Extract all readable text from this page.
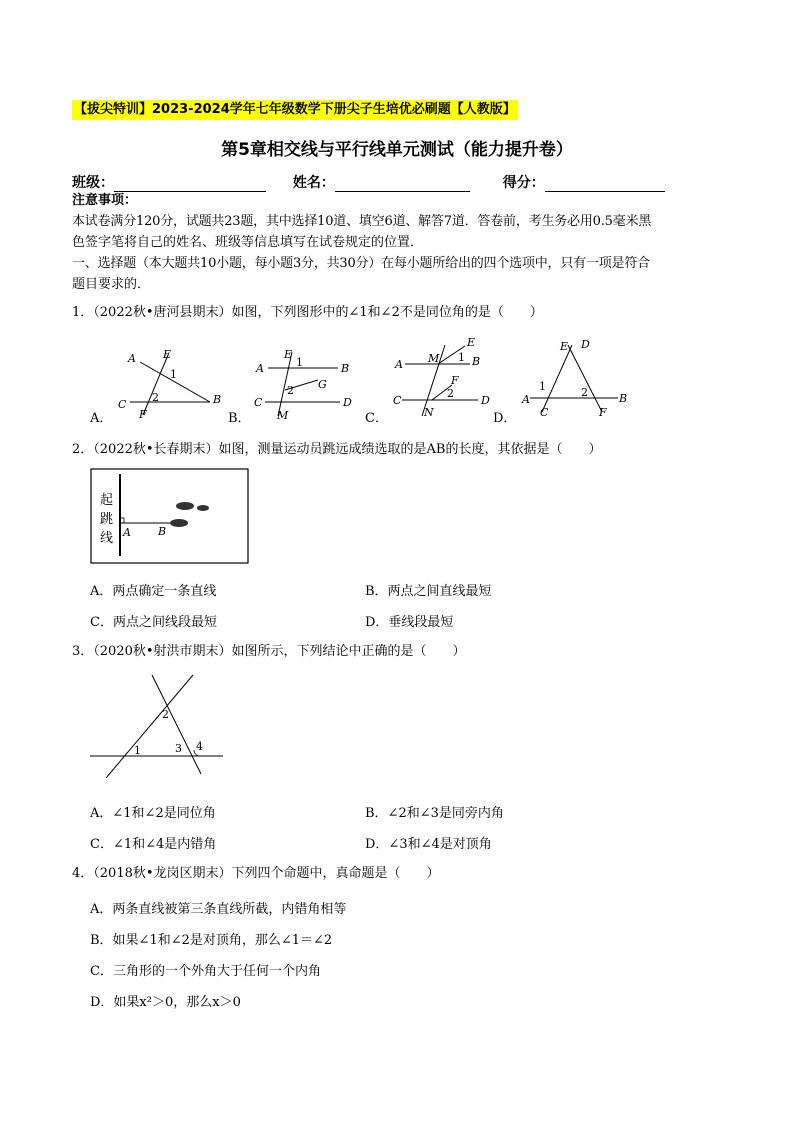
【拔尖特训】2023-2024学年七年级数学下册尖子生培优必刷题【人教版】
第5章相交线与平行线单元测试（能力提升卷）
班级：	姓名：	得分：
注意事项：
本试卷满分120分，试题共23题，其中选择10道、填空6道、解答7道．答卷前，考生务必用0.5毫米黑
色签字笔将自己的姓名、班级等信息填写在试卷规定的位置．
一、选择题（本大题共10小题，每小题3分，共30分）在每小题所给出的四个选项中，只有一项是符合
题目要求的．
1．（2022秋•唐河县期末）如图，下列图形中的∠1和∠2不是同位角的是（　　）
A E
1
C
2	B
F
A．
E
1
A	B
2 G
C
M
D
B．
E
M 1 B
A
F
2
C
N
D
C．
E D
1	2
A
C	F
B
D．
2．（2022秋•长春期末）如图，测量运动员跳远成绩选取的是AB的长度，其依据是（　　）
起
跳
线 A B
A．两点确定一条直线	B．两点之间直线最短
C．两点之间线段最短	D．垂线段最短
3．（2020秋•射洪市期末）如图所示，下列结论中正确的是（　　）
2
1	3 4
A．∠1和∠2是同位角	B．∠2和∠3是同旁内角
C．∠1和∠4是内错角	D．∠3和∠4是对顶角
4．（2018秋•龙岗区期末）下列四个命题中，真命题是（　　）
A．两条直线被第三条直线所截，内错角相等
B．如果∠1和∠2是对顶角，那么∠1＝∠2
C．三角形的一个外角大于任何一个内角
D．如果x²＞0，那么x＞0
